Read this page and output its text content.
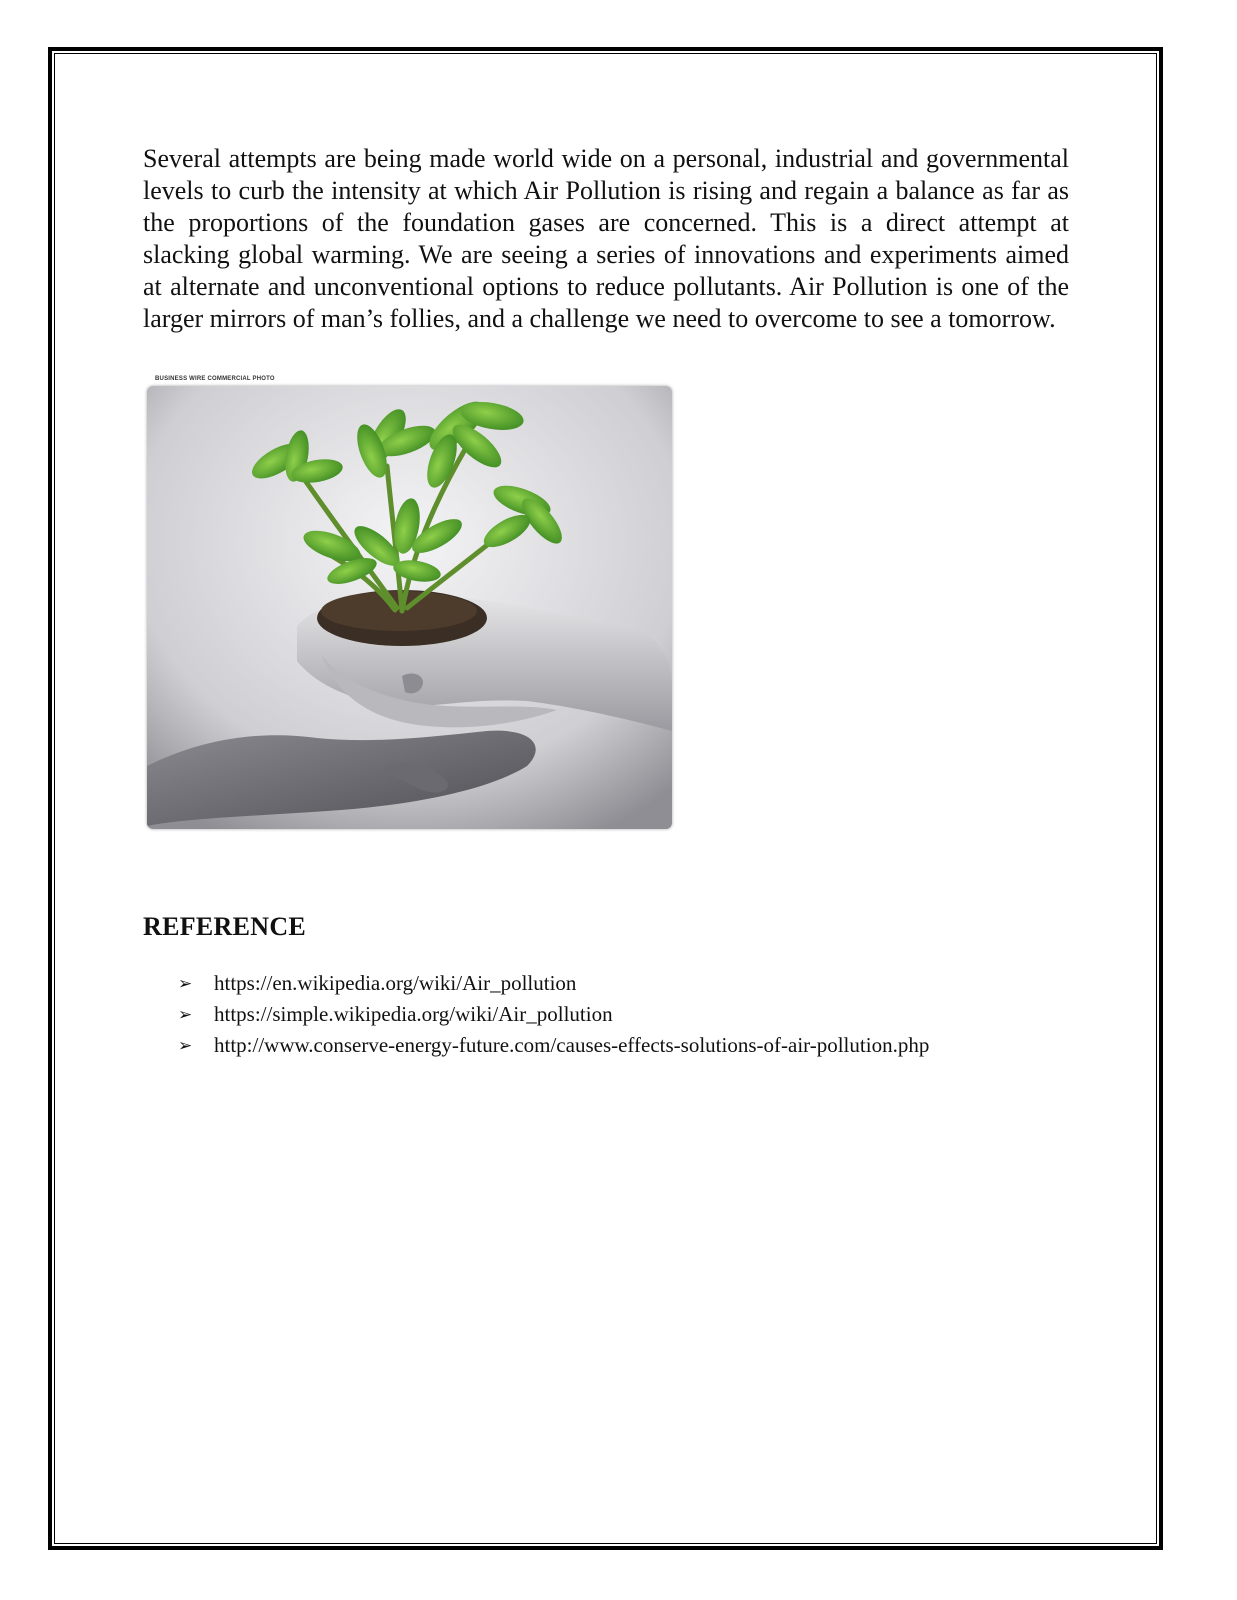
Several attempts are being made world wide on a personal, industrial and governmental levels to curb the intensity at which Air Pollution is rising and regain a balance as far as the proportions of the foundation gases are concerned. This is a direct attempt at slacking global warming. We are seeing a series of innovations and experiments aimed at alternate and unconventional options to reduce pollutants. Air Pollution is one of the larger mirrors of man’s follies, and a challenge we need to overcome to see a tomorrow.

BUSINESS WIRE COMMERCIAL PHOTO
REFERENCE
➢	https://en.wikipedia.org/wiki/Air_pollution
➢	https://simple.wikipedia.org/wiki/Air_pollution
➢	http://www.conserve-energy-future.com/causes-effects-solutions-of-air-pollution.php
